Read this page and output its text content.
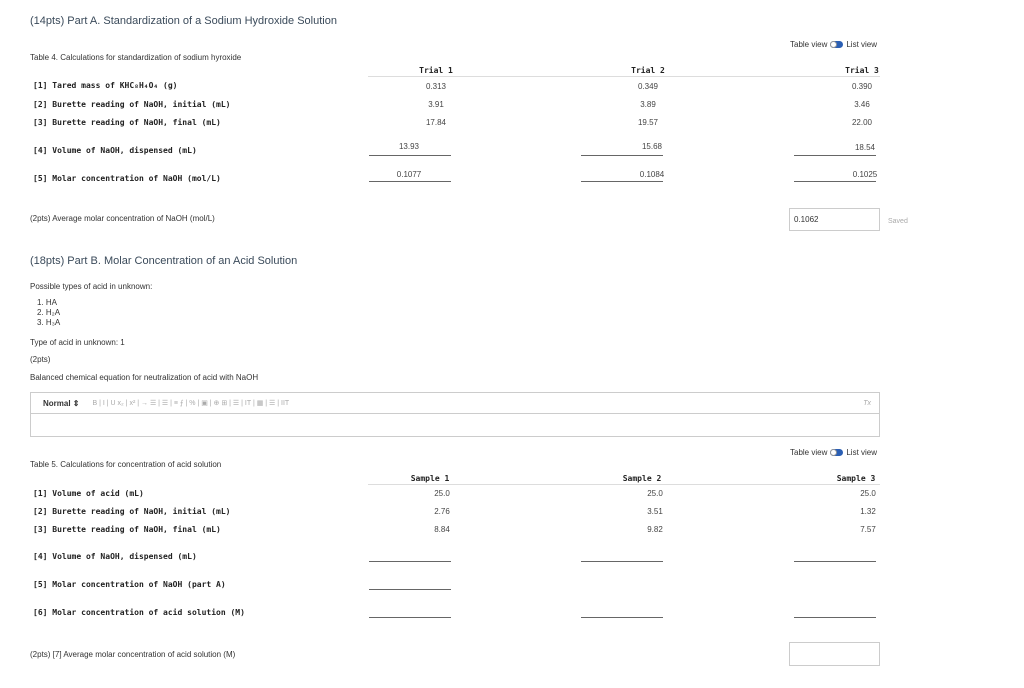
(14pts) Part A. Standardization of a Sodium Hydroxide Solution
Table view List view
Table 4. Calculations for standardization of sodium hyroxide
Trial 1	Trial 2	Trial 3
[1] Tared mass of KHC₈H₄O₄ (g)	0.313	0.349	0.390
[2] Burette reading of NaOH, initial (mL)	3.91	3.89	3.46
[3] Burette reading of NaOH, final (mL)	17.84	19.57	22.00
[4] Volume of NaOH, dispensed (mL)	13.93	15.68	18.54
[5] Molar concentration of NaOH (mol/L)	0.1077	0.1084	0.1025
(2pts) Average molar concentration of NaOH (mol/L)	0.1062	Saved
(18pts) Part B. Molar Concentration of an Acid Solution
Possible types of acid in unknown:
1. HA
2. H₂A
3. H₃A
Type of acid in unknown: 1
(2pts)
Balanced chemical equation for neutralization of acid with NaOH
Normal ⇕ B | I | U x₂ | x² | → ☰ | ☰ | ≡ ⨍ | % | ▣ | ⊕ ⊞ | ☰ | IT | ▦ | ☰ | IIT	Tx
Table view List view
Table 5. Calculations for concentration of acid solution
Sample 1	Sample 2	Sample 3
[1] Volume of acid (mL)	25.0	25.0	25.0
[2] Burette reading of NaOH, initial (mL)	2.76	3.51	1.32
[3] Burette reading of NaOH, final (mL)	8.84	9.82	7.57
[4] Volume of NaOH, dispensed (mL)
[5] Molar concentration of NaOH (part A)
[6] Molar concentration of acid solution (M)
(2pts) [7] Average molar concentration of acid solution (M)
